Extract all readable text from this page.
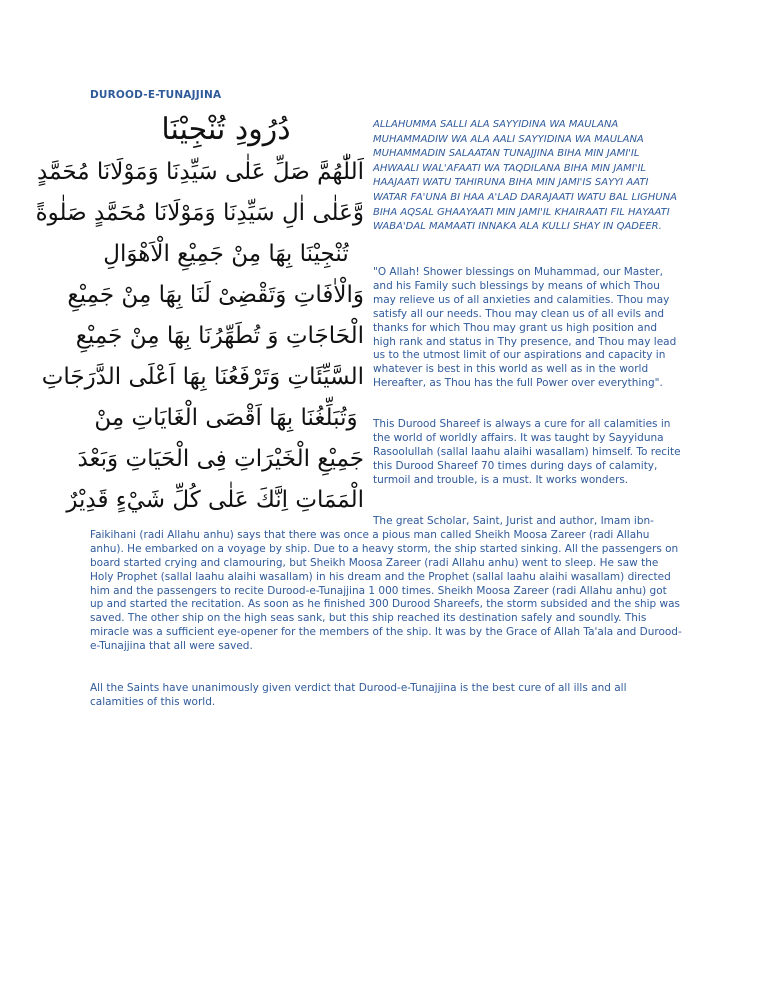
DUROOD-E-TUNAJJINA
دُرُودِ تُنْجِيْنَا
اَللّٰهُمَّ صَلِّ عَلٰى سَيِّدِنَا وَمَوْلَانَا مُحَمَّدٍ
وَّعَلٰى اٰلِ سَيِّدِنَا وَمَوْلَانَا مُحَمَّدٍ صَلٰوةً
تُنْجِيْنَا بِهَا مِنْ جَمِيْعِ الْاَهْوَالِ
وَالْاٰفَاتِ وَتَقْضِىْ لَنَا بِهَا مِنْ جَمِيْعِ
الْحَاجَاتِ وَ تُطَهِّرُنَا بِهَا مِنْ جَمِيْعِ
السَّيِّئَاتِ وَتَرْفَعُنَا بِهَا اَعْلَى الدَّرَجَاتِ
وَتُبَلِّغُنَا بِهَا اَقْصَى الْغَايَاتِ مِنْ
جَمِيْعِ الْخَيْرَاتِ فِى الْحَيَاتِ وَبَعْدَ
الْمَمَاتِ اِنَّكَ عَلٰى كُلِّ شَيْءٍ قَدِيْرٌ
ALLAHUMMA SALLI ALA SAYYIDINA WA MAULANA MUHAMMADIW WA ALA AALI SAYYIDINA WA MAULANA MUHAMMADIN SALAATAN TUNAJJINA BIHA MIN JAMI'IL AHWAALI WAL'AFAATI WA TAQDILANA BIHA MIN JAMI'IL HAAJAATI WATU TAHIRUNA BIHA MIN JAMI'IS SAYYI AATI WATAR FA'UNA BI HAA A'LAD DARAJAATI WATU BAL LIGHUNA BIHA AQSAL GHAAYAATI MIN JAMI'IL KHAIRAATI FIL HAYAATI WABA'DAL MAMAATI INNAKA ALA KULLI SHAY IN QADEER.

"O Allah! Shower blessings on Muhammad, our Master, and his Family such blessings by means of which Thou may relieve us of all anxieties and calamities. Thou may satisfy all our needs. Thou may clean us of all evils and thanks for which Thou may grant us high position and high rank and status in Thy presence, and Thou may lead us to the utmost limit of our aspirations and capacity in whatever is best in this world as well as in the world Hereafter, as Thou has the full Power over everything".

This Durood Shareef is always a cure for all calamities in the world of worldly affairs. It was taught by Sayyiduna Rasoolullah (sallal laahu alaihi wasallam) himself. To recite this Durood Shareef 70 times during days of calamity, turmoil and trouble, is a must. It works wonders.

The great Scholar, Saint, Jurist and author, Imam ibn-Faikihani (radi Allahu anhu) says that there was once a pious man called Sheikh Moosa Zareer (radi Allahu anhu). He embarked on a voyage by ship. Due to a heavy storm, the ship started sinking. All the passengers on board started crying and clamouring, but Sheikh Moosa Zareer (radi Allahu anhu) went to sleep. He saw the Holy Prophet (sallal laahu alaihi wasallam) in his dream and the Prophet (sallal laahu alaihi wasallam) directed him and the passengers to recite Durood-e-Tunajjina 1 000 times. Sheikh Moosa Zareer (radi Allahu anhu) got up and started the recitation. As soon as he finished 300 Durood Shareefs, the storm subsided and the ship was saved. The other ship on the high seas sank, but this ship reached its destination safely and soundly. This miracle was a sufficient eye-opener for the members of the ship. It was by the Grace of Allah Ta'ala and Durood-e-Tunajjina that all were saved.

All the Saints have unanimously given verdict that Durood-e-Tunajjina is the best cure of all ills and all calamities of this world.
